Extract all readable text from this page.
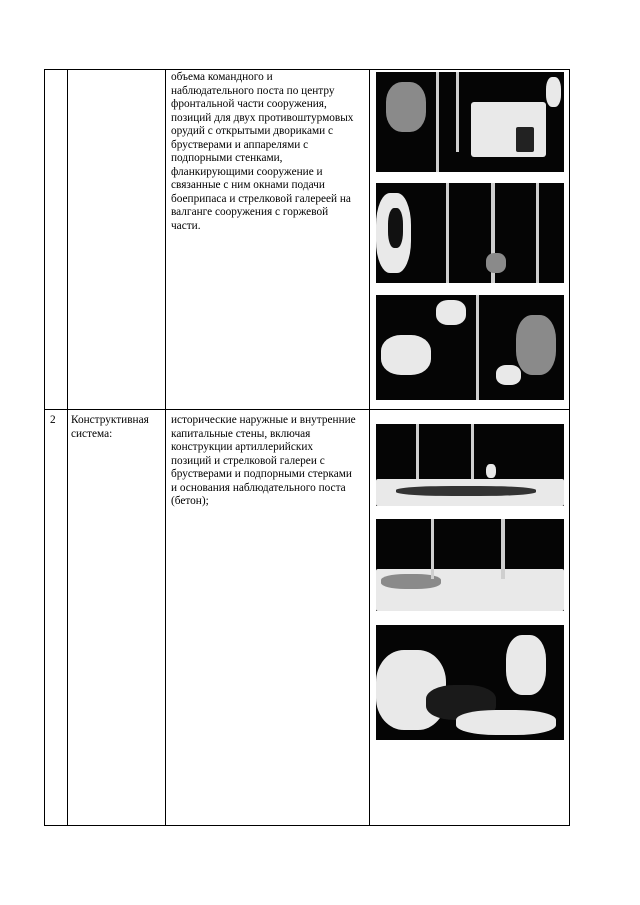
объема командного и
наблюдательного поста по центру
фронтальной части сооружения,
позиций для двух противоштурмовых
орудий с открытыми двориками с
брустверами и аппарелями с
подпорными стенками,
фланкирующими сооружение и
связанные с ним окнами подачи
боеприпаса и стрелковой галереей на
валганге сооружения с горжевой
части.
2	Конструктивная
система:
исторические наружные и внутренние
капитальные стены, включая
конструкции артиллерийских
позиций и стрелковой галереи с
брустверами и подпорными стерками
и основания наблюдательного поста
(бетон);
